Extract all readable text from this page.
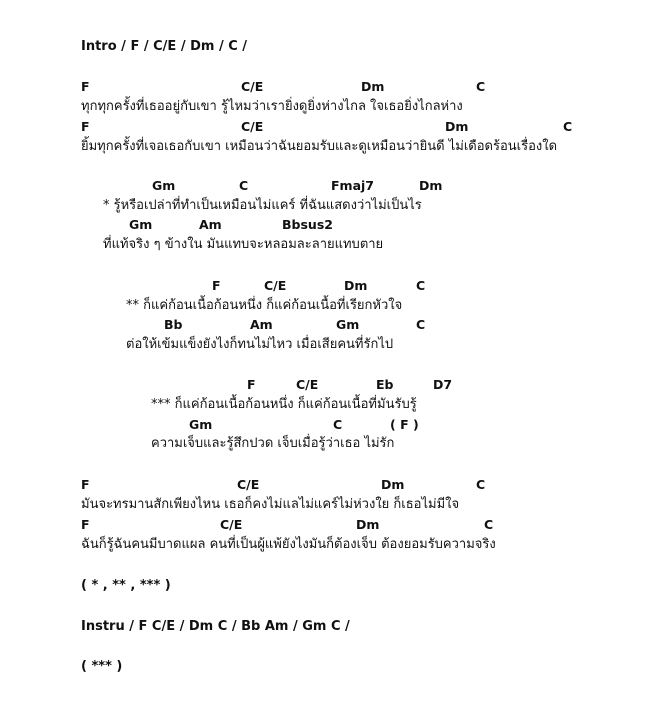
Intro / F / C/E / Dm / C /
F	C/E	Dm	C
ทุกทุกครั้งที่เธออยู่กับเขา รู้ไหมว่าเรายิ่งดูยิ่งห่างไกล ใจเธอยิ่งไกลห่าง
F	C/E	Dm	C
ยิ้มทุกครั้งที่เจอเธอกับเขา เหมือนว่าฉันยอมรับและดูเหมือนว่ายินดี ไม่เดือดร้อนเรื่องใด
Gm	C	Fmaj7	Dm
* รู้หรือเปล่าที่ทำเป็นเหมือนไม่แคร์ ที่ฉันแสดงว่าไม่เป็นไร
Gm	Am	Bbsus2
ที่แท้จริง ๆ ข้างใน มันแทบจะหลอมละลายแทบตาย
F	C/E	Dm	C
** ก็แค่ก้อนเนื้อก้อนหนึ่ง ก็แค่ก้อนเนื้อที่เรียกหัวใจ
Bb	Am	Gm	C
ต่อให้เข้มแข็งยังไงก็ทนไม่ไหว เมื่อเสียคนที่รักไป
F	C/E	Eb	D7
*** ก็แค่ก้อนเนื้อก้อนหนึ่ง ก็แค่ก้อนเนื้อที่มันรับรู้
Gm	C	( F )
ความเจ็บและรู้สึกปวด เจ็บเมื่อรู้ว่าเธอ ไม่รัก
F	C/E	Dm	C
มันจะทรมานสักเพียงไหน เธอก็คงไม่แลไม่แคร์ไม่ห่วงใย ก็เธอไม่มีใจ
F	C/E	Dm	C
ฉันก็รู้ฉันคนมีบาดแผล คนที่เป็นผู้แพ้ยังไงมันก็ต้องเจ็บ ต้องยอมรับความจริง
( * , ** , *** )
Instru / F C/E / Dm C / Bb Am / Gm C /
( *** )
